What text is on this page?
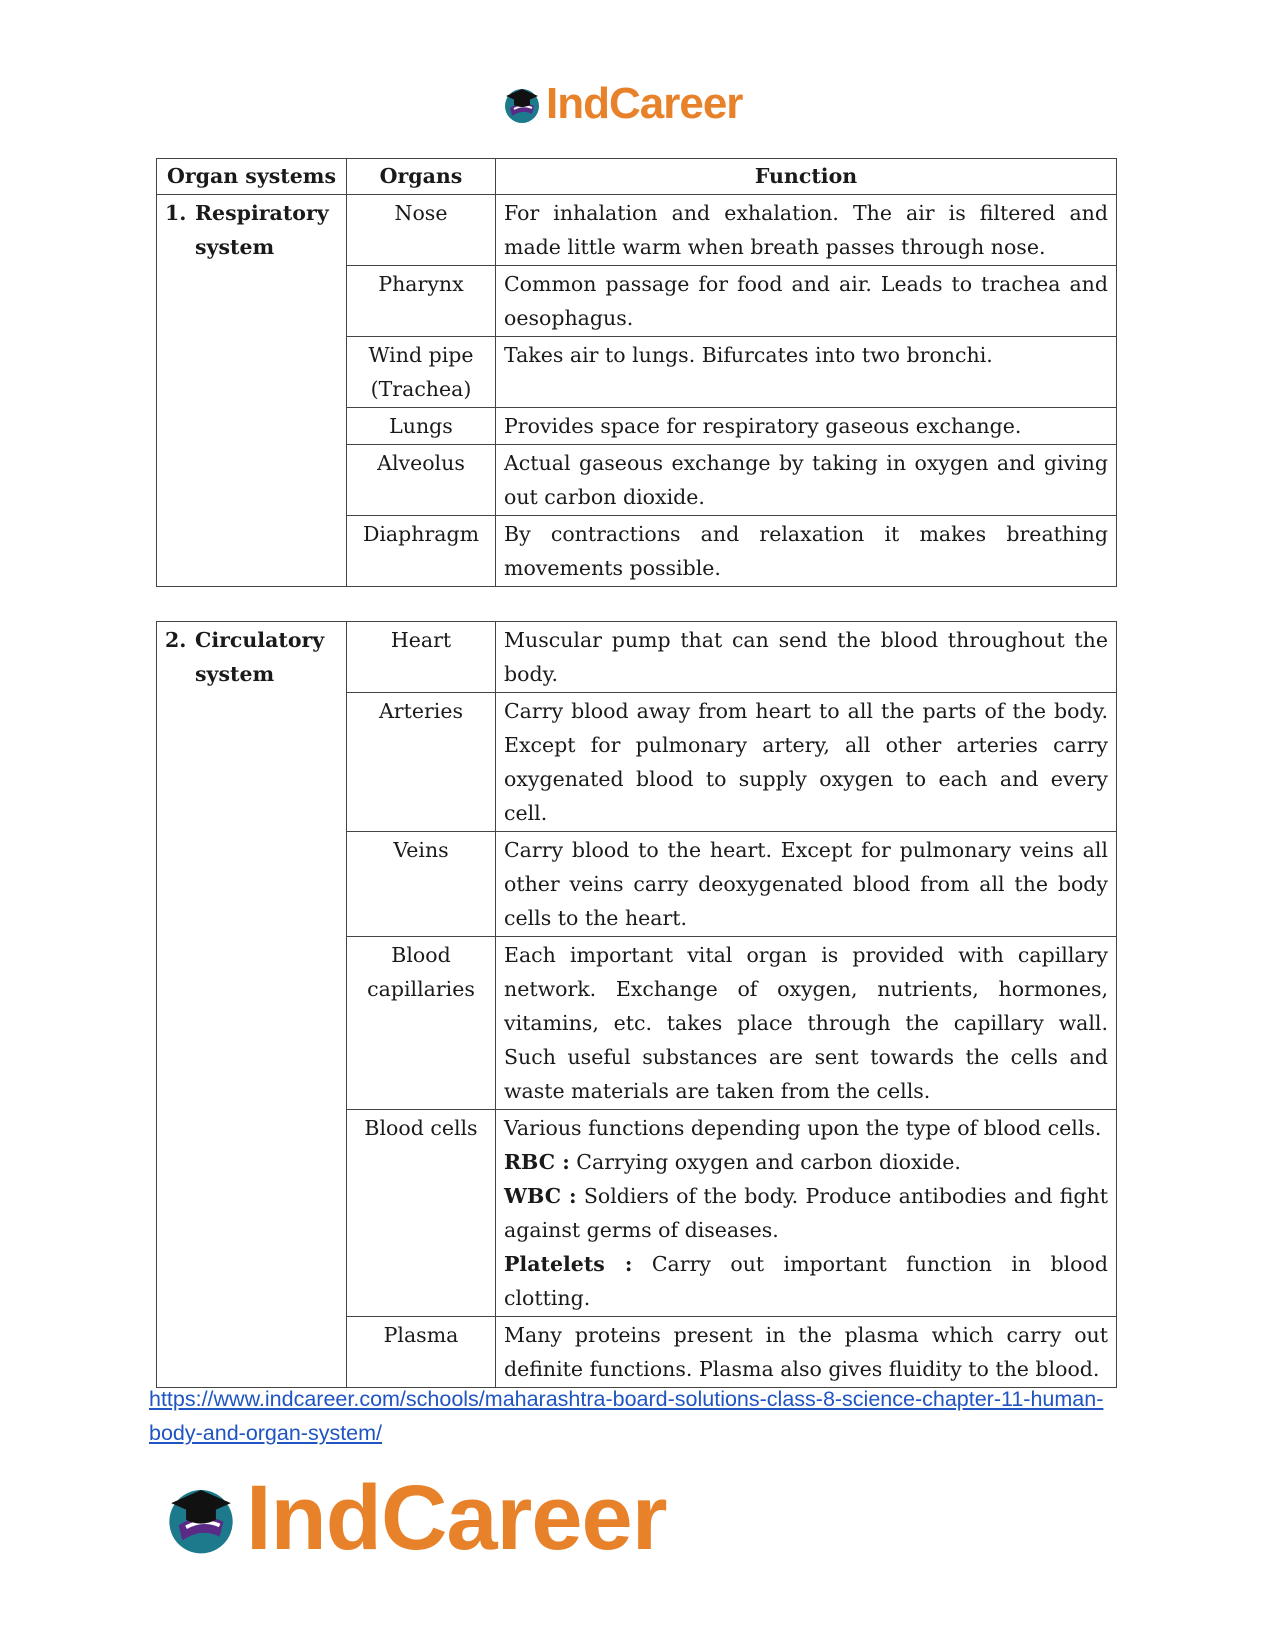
IndCareer
Organ systems	Organs	Function
1. Respiratory system	Nose	For inhalation and exhalation. The air is filtered and made little warm when breath passes through nose.
	Pharynx	Common passage for food and air. Leads to trachea and oesophagus.
	Wind pipe (Trachea)	Takes air to lungs. Bifurcates into two bronchi.
	Lungs	Provides space for respiratory gaseous exchange.
	Alveolus	Actual gaseous exchange by taking in oxygen and giving out carbon dioxide.
	Diaphragm	By contractions and relaxation it makes breathing movements possible.
2. Circulatory system	Heart	Muscular pump that can send the blood throughout the body.
	Arteries	Carry blood away from heart to all the parts of the body. Except for pulmonary artery, all other arteries carry oxygenated blood to supply oxygen to each and every cell.
	Veins	Carry blood to the heart. Except for pulmonary veins all other veins carry deoxygenated blood from all the body cells to the heart.
	Blood capillaries	Each important vital organ is provided with capillary network. Exchange of oxygen, nutrients, hormones, vitamins, etc. takes place through the capillary wall. Such useful substances are sent towards the cells and waste materials are taken from the cells.
	Blood cells	Various functions depending upon the type of blood cells.
RBC : Carrying oxygen and carbon dioxide.
WBC : Soldiers of the body. Produce antibodies and fight against germs of diseases.
Platelets : Carry out important function in blood clotting.

	Plasma	Many proteins present in the plasma which carry out definite functions. Plasma also gives fluidity to the blood.
https://www.indcareer.com/schools/maharashtra-board-solutions-class-8-science-chapter-11-human-body-and-organ-system/
IndCareer
